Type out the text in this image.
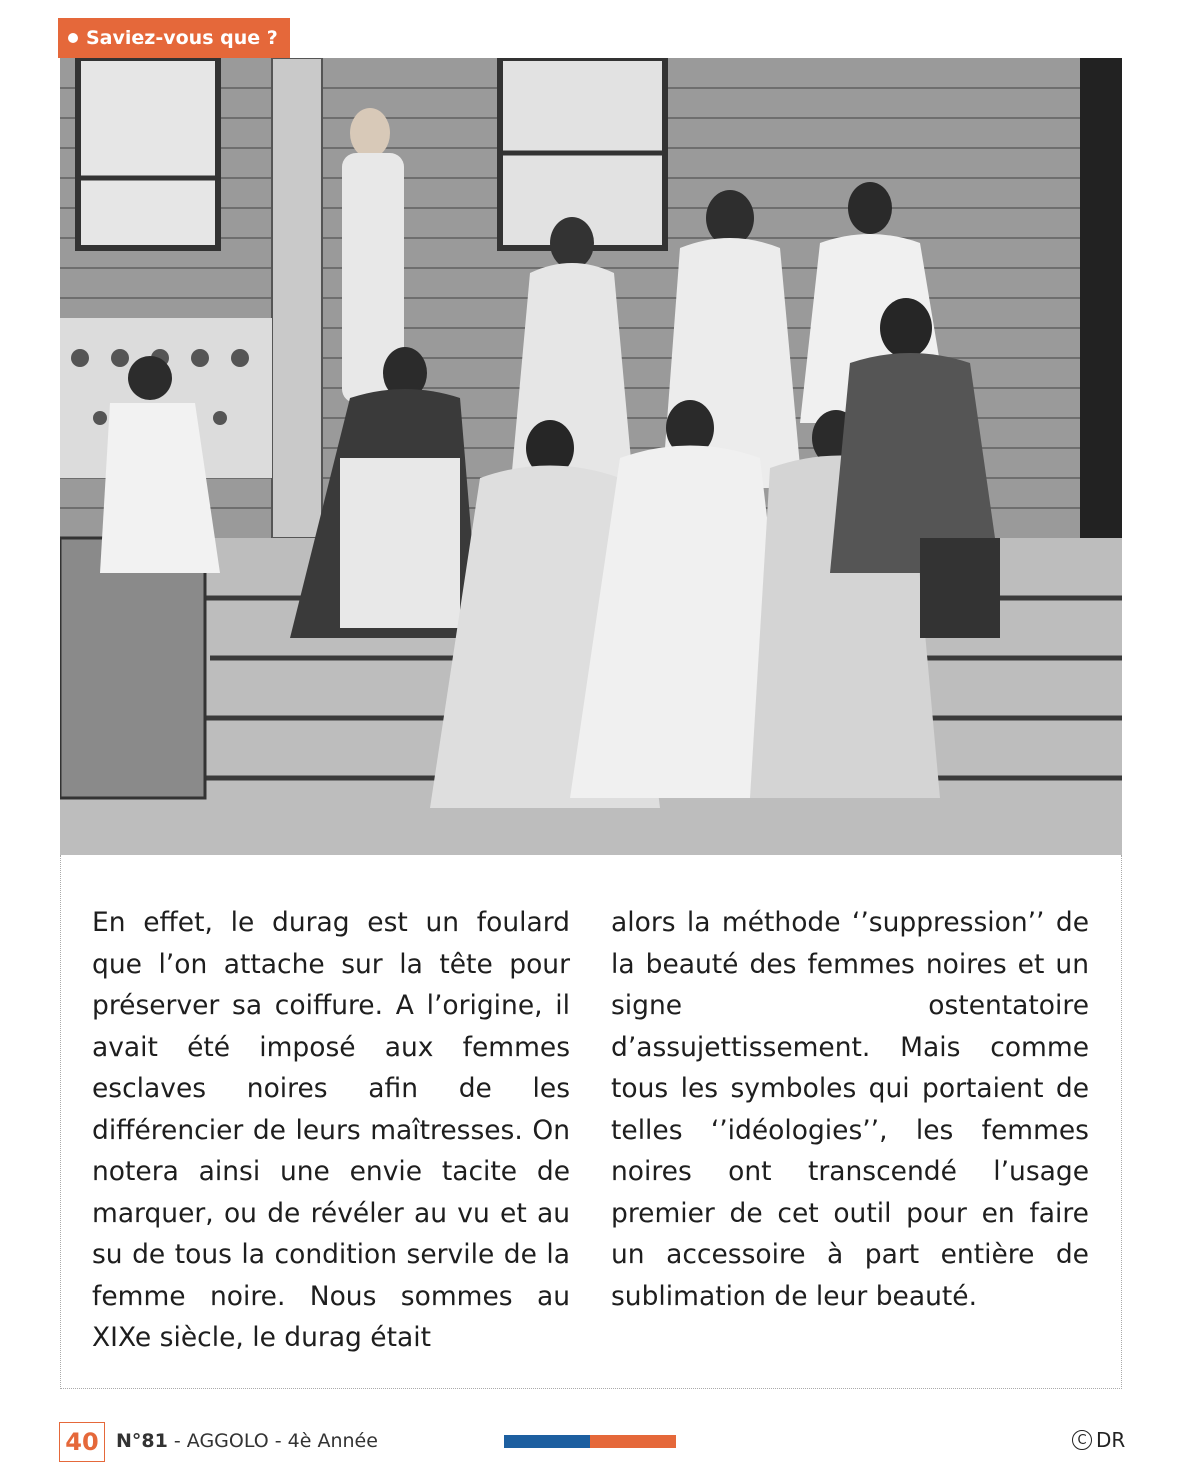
Saviez-vous que ?
En effet, le durag est un foulard que l’on attache sur la tête pour préserver sa coiffure. A l’origine, il avait été imposé aux femmes esclaves noires afin de les différencier de leurs maîtresses. On notera ainsi une envie tacite de marquer, ou de révéler au vu et au su de tous la condition servile de la femme noire. Nous sommes au XIXe siècle, le durag était
alors la méthode ‘’suppression’’ de la beauté des femmes noires et un signe ostentatoire d’assujettissement. Mais comme tous les symboles qui portaient de telles ‘’idéologies’’, les femmes noires ont transcendé l’usage premier de cet outil pour en faire un accessoire à part entière de sublimation de leur beauté.
40 N°81 - AGGOLO - 4è Année	C DR
